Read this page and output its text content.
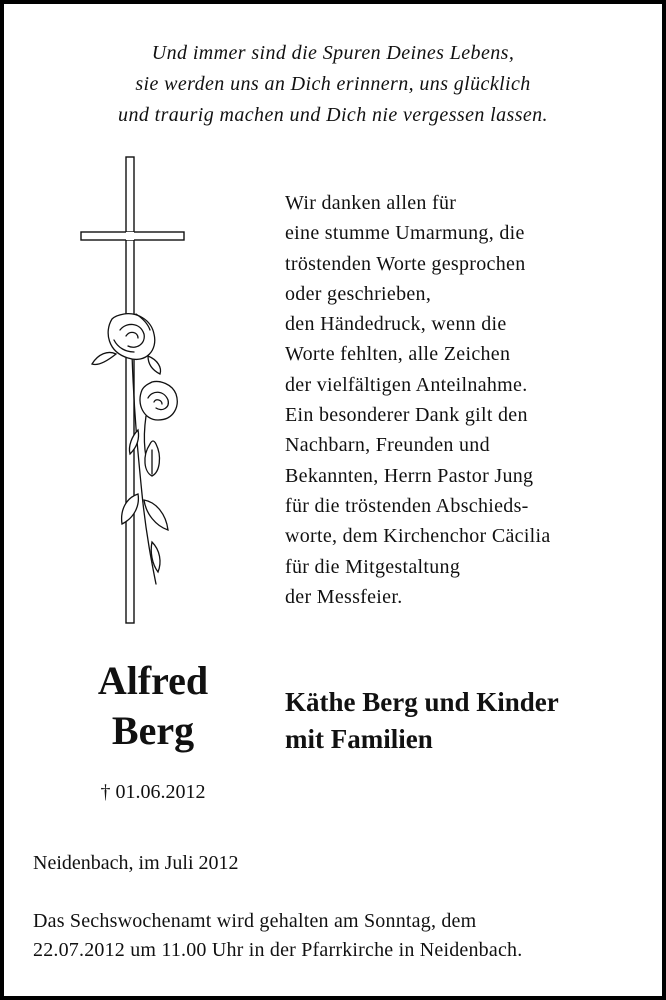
Und immer sind die Spuren Deines Lebens,
sie werden uns an Dich erinnern, uns glücklich
und traurig machen und Dich nie vergessen lassen.
Wir danken allen für
eine stumme Umarmung, die
tröstenden Worte gesprochen
oder geschrieben,
den Händedruck, wenn die
Worte fehlten, alle Zeichen
der vielfältigen Anteilnahme.
Ein besonderer Dank gilt den
Nachbarn, Freunden und
Bekannten, Herrn Pastor Jung
für die tröstenden Abschieds-
worte, dem Kirchenchor Cäcilia
für die Mitgestaltung
der Messfeier.
Alfred
Berg
† 01.06.2012
Käthe Berg und Kinder
mit Familien
Neidenbach, im Juli 2012
Das Sechswochenamt wird gehalten am Sonntag, dem
22.07.2012 um 11.00 Uhr in der Pfarrkirche in Neidenbach.
